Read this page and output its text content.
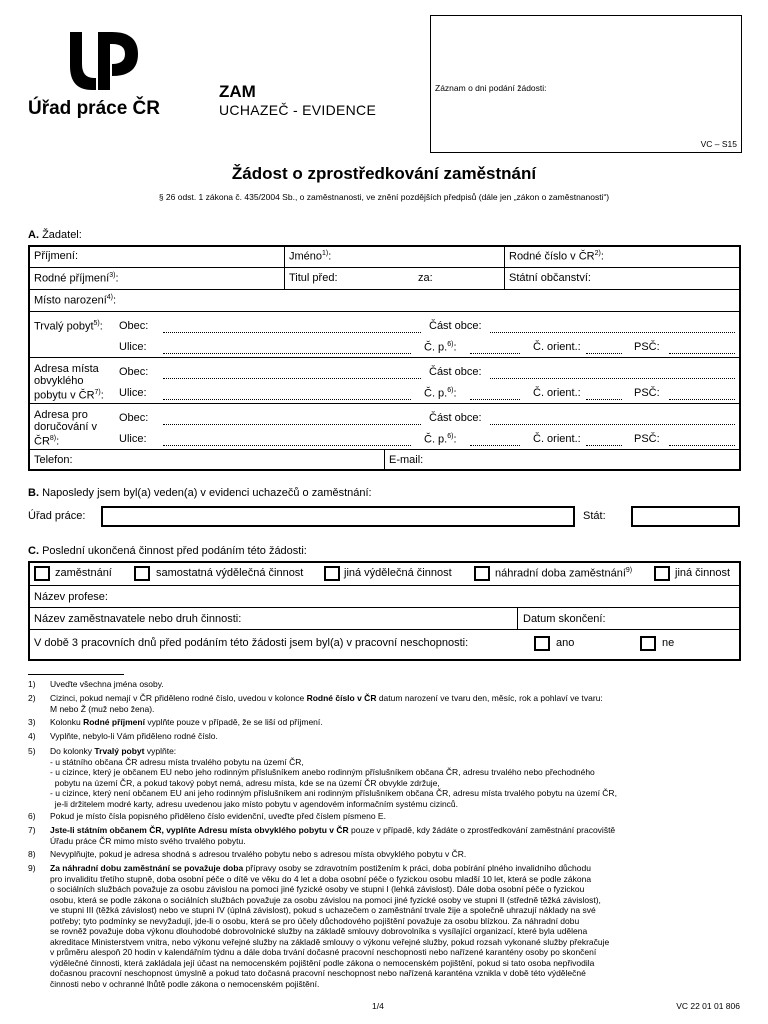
Úřad práce ČR
ZAM
UCHAZEČ - EVIDENCE
Záznam o dni podání žádosti:
VC – S15
Žádost o zprostředkování zaměstnání
§ 26 odst. 1 zákona č. 435/2004 Sb., o zaměstnanosti, ve znění pozdějších předpisů (dále jen „zákon o zaměstnanosti“)
A. Žadatel:
Příjmení:	Jméno$^{1)}$:	Rodné číslo v ČR$^{2)}$:
Rodné příjmení$^{3)}$:	Titul před:	za:	Státní občanství:
Místo narození$^{4)}$:
Trvalý pobyt$^{5)}$: Obec:	Část obce:
Ulice:	Č. p.$^{6)}$:	Č. orient.:	PSČ:
Adresa místa
obvyklého
pobytu v ČR$^{7)}$:
Obec:	Část obce:
Ulice:	Č. p.$^{6)}$:	Č. orient.:	PSČ:
Adresa pro
doručování v
ČR$^{8)}$:
Obec:	Část obce:
Ulice:	Č. p.$^{6)}$:	Č. orient.:	PSČ:
Telefon:	E-mail:
B. Naposledy jsem byl(a) veden(a) v evidenci uchazečů o zaměstnání:
Úřad práce:	Stát:
C. Poslední ukončená činnost před podáním této žádosti:
zaměstnání	samostatná výdělečná činnost	jiná výdělečná činnost	náhradní doba zaměstnání$^{9)}$	jiná činnost
Název profese:
Název zaměstnavatele nebo druh činnosti:	Datum skončení:
V době 3 pracovních dnů před podáním této žádosti jsem byl(a) v pracovní neschopnosti:	ano	ne
1) Uveďte všechna jména osoby.
2) Cizinci, pokud nemají v ČR přiděleno rodné číslo, uvedou v kolonce Rodné číslo v ČR datum narození ve tvaru den, měsíc, rok a pohlaví ve tvaru:
M nebo Ž (muž nebo žena).
3) Kolonku Rodné příjmení vyplňte pouze v případě, že se liší od příjmení.
4) Vyplňte, nebylo-li Vám přiděleno rodné číslo.
5) Do kolonky Trvalý pobyt vyplňte:
- u státního občana ČR adresu místa trvalého pobytu na území ČR,
- u cizince, který je občanem EU nebo jeho rodinným příslušníkem anebo rodinným příslušníkem občana ČR, adresu trvalého nebo přechodného
pobytu na území ČR, a pokud takový pobyt nemá, adresu místa, kde se na území ČR obvykle zdržuje,
- u cizince, který není občanem EU ani jeho rodinným příslušníkem ani rodinným příslušníkem občana ČR, adresu místa trvalého pobytu na území ČR,
je-li držitelem modré karty, adresu uvedenou jako místo pobytu v agendovém informačním systému cizinců.
6) Pokud je místo čísla popisného přiděleno číslo evidenční, uveďte před číslem písmeno E.
7) Jste-li státním občanem ČR, vyplňte Adresu místa obvyklého pobytu v ČR pouze v případě, kdy žádáte o zprostředkování zaměstnání pracoviště
Úřadu práce ČR mimo místo svého trvalého pobytu.
8) Nevyplňujte, pokud je adresa shodná s adresou trvalého pobytu nebo s adresou místa obvyklého pobytu v ČR.
9) Za náhradní dobu zaměstnání se považuje doba přípravy osoby se zdravotním postižením k práci, doba pobírání plného invalidního důchodu
pro invaliditu třetího stupně, doba osobní péče o dítě ve věku do 4 let a doba osobní péče o fyzickou osobu mladší 10 let, která se podle zákona
o sociálních službách považuje za osobu závislou na pomoci jiné fyzické osoby ve stupni I (lehká závislost). Dále doba osobní péče o fyzickou
osobu, která se podle zákona o sociálních službách považuje za osobu závislou na pomoci jiné fyzické osoby ve stupni II (středně těžká závislost),
ve stupni III (těžká závislost) nebo ve stupni IV (úplná závislost), pokud s uchazečem o zaměstnání trvale žije a společně uhrazují náklady na své
potřeby; tyto podmínky se nevyžadují, jde-li o osobu, která se pro účely důchodového pojištění považuje za osobu blízkou. Za náhradní dobu
se rovněž považuje doba výkonu dlouhodobé dobrovolnické služby na základě smlouvy dobrovolníka s vysílající organizací, které byla udělena
akreditace Ministerstvem vnitra, nebo výkonu veřejné služby na základě smlouvy o výkonu veřejné služby, pokud rozsah vykonané služby překračuje
v průměru alespoň 20 hodin v kalendářním týdnu a dále doba trvání dočasné pracovní neschopnosti nebo nařízené karantény osoby po skončení
výdělečné činnosti, která zakládala její účast na nemocenském pojištění podle zákona o nemocenském pojištění, pokud si tato osoba nepřivodila
dočasnou pracovní neschopnost úmyslně a pokud tato dočasná pracovní neschopnost nebo nařízená karanténa vznikla v době této výdělečné
činnosti nebo v ochranné lhůtě podle zákona o nemocenském pojištění.
1/4	VC 22 01 01 806
